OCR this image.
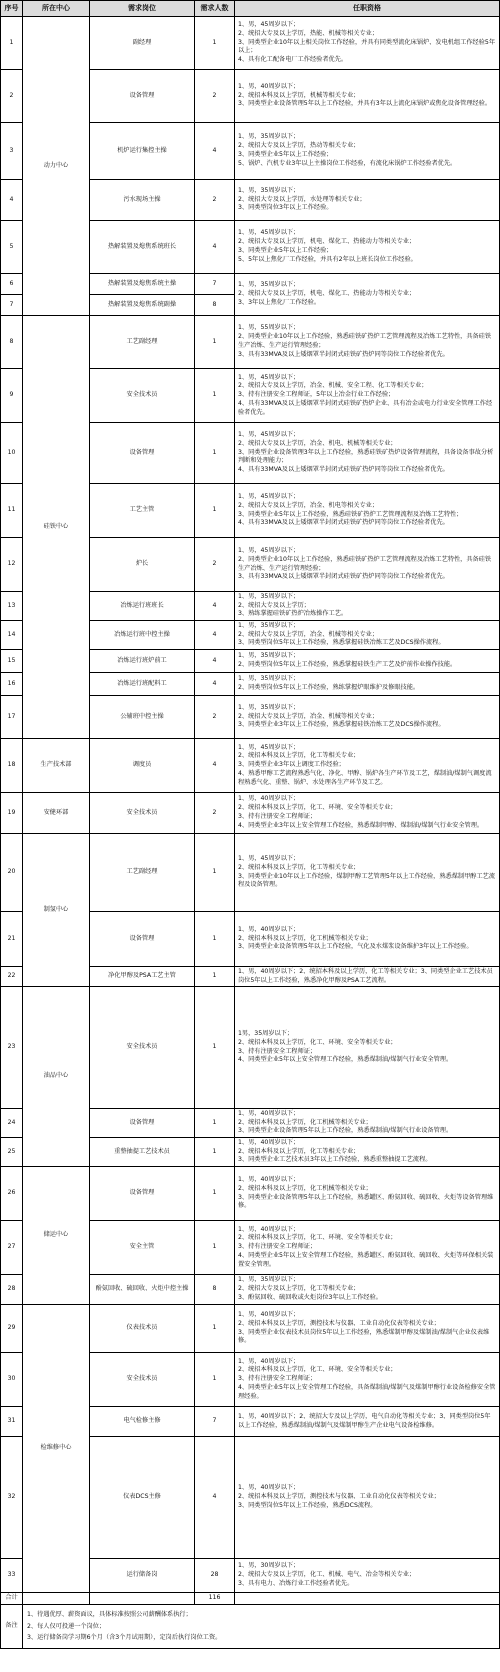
序号	所在中心	需求岗位	需求人数	任职资格
1	动力中心	副经理	1	1、男，45周岁以下；
2、统招大专及以上学历，热能、机械等相关专业；
3、同类型企业10年以上相关岗位工作经验，并具有同类型流化床锅炉、发电机组工作经验5年以上；
4、具有化工配备电厂工作经验者优先。
2		设备管理	2	1、男，40周岁以下；
2、统招本科及以上学历，机械等相关专业；
3、同类型企业设备管理5年以上工作经验，并具有3年以上流化床锅炉或焦化设备管理经验。
3		机炉运行集控主操	4	1、男，35周岁以下；
2、统招大专及以上学历，热动等相关专业；
3、同类型企业5年以上工作经验；
5、锅炉、汽机专业3年以上主操岗位工作经验，有流化床锅炉工作经验者优先。
4		污水现场主操	2	1、男，35周岁以下；
2、统招大专及以上学历，水处理等相关专业；
3、同类型岗位3年以上工作经验。
5		热解装置及熄焦系统班长	4	1、男，45周岁以下；
2、统招大专及以上学历，机电、煤化工、热能动力等相关专业；
3、同类型企业5年以上工作经验；
5、5年以上焦化厂工作经验，并具有2年以上班长岗位工作经验。
6		热解装置及熄焦系统主操	7	1、男，35周岁以下；
2、统招大专及以上学历，机电、煤化工、热能动力等相关专业；
3、3年以上焦化厂工作经验。
7		热解装置及熄焦系统副操	8	
8	硅铁中心	工艺副经理	1	1、男，55周岁以下；
2、同类型企业10年以上工作经验，熟悉硅铁矿热炉工艺管理流程及冶炼工艺特性，具备硅铁生产冶炼、生产运行管理经验；
3、具有33MVA及以上矮烟罩半封闭式硅铁矿热炉同等岗位工作经验者优先。
9		安全技术员	1	1、男，45周岁以下；
2、统招大专及以上学历，冶金、机械、安全工程、化工等相关专业；
3、持有注册安全工程师证，5年以上冶金行业工作经验；
4、具有33MVA及以上矮烟罩半封闭式硅铁矿热炉企业、具有冶金或电力行业安全管理工作经验者优先。
10		设备管理	1	1、男，45周岁以下；
2、统招大专及以上学历，冶金、机电、机械等相关专业；
3、同类型企业设备管理3年以上工作经验，熟悉硅铁矿热炉设备管理流程，具备设备事故分析判断和处理能力；
4、具有33MVA及以上矮烟罩半封闭式硅铁矿热炉同等岗位工作经验者优先。
11		工艺主管	1	1、男，45周岁以下；
2、统招大专及以上学历，冶金、机电等相关专业；
3、同类型企业5年以上工作经验，熟悉硅铁矿热炉工艺管理流程及冶炼工艺特性；
4、具有33MVA及以上矮烟罩半封闭式硅铁矿热炉同等岗位工作经验者优先。
12		炉长	2	1、男，45周岁以下；
2、同类型企业10年以上工作经验，熟悉硅铁矿热炉工艺管理流程及冶炼工艺特性，具备硅铁生产冶炼、生产运行管理经验；
3、具有33MVA及以上矮烟罩半封闭式硅铁矿热炉同等岗位工作经验者优先。
13		冶炼运行班班长	4	1、男，35周岁以下；
2、统招大专及以上学历；
3、熟练掌握硅铁矿热炉冶炼操作工艺。
14		冶炼运行班中控主操	4	1、男，35周岁以下；
2、统招大专及以上学历，冶金、机械等相关专业；
3、同类型岗位5年以上工作经验，熟悉掌握硅铁冶炼工艺及DCS操作流程。
15		冶炼运行班炉前工	4	1、男，35周岁以下；
2、同类型岗位5年以上工作经验，熟悉掌握硅铁生产工艺及炉前作业操作技能。
16		冶炼运行班配料工	4	1、男，35周岁以下；
2、同类型岗位5年以上工作经验，熟练掌握炉眼维护及修眼技能。
17		公辅班中控主操	2	1、男，35周岁以下；
2、统招大专及以上学历，冶金、机械等相关专业；
3、同类型企业3年以上工作经验，熟悉掌握硅铁冶炼工艺及DCS操作流程。
18	生产技术部	调度员	4	1、男，45周岁以下；
2、统招本科及以上学历，化工等相关专业；
3、同类型企业3年以上调度工作经验；
4、熟悉甲醇工艺流程熟悉气化、净化、甲醇、锅炉各生产环节及工艺，煤制油/煤制气调度流程熟悉气化、重整、锅炉、水处理各生产环节及工艺。
19	安健环部	安全技术员	2	1、男，40周岁以下；
2、统招本科及以上学历，化工、环境、安全等相关专业；
3、持有注册安全工程师证；
4、同类型企业3年以上安全管理工作经验，熟悉煤制甲醇、煤制油/煤制气行业安全管理。
20	制氢中心	工艺副经理	1	1、男，45周岁以下；
2、统招本科及以上学历，化工等相关专业；
3、同类型企业10年以上工作经验，煤制甲醇工艺管理5年以上工作经验，熟悉煤制甲醇工艺流程及设备管理。
21		设备管理	1	1、男，40周岁以下；
2、统招本科及以上学历，化工机械等相关专业；
3、同类型企业设备管理5年以上工作经验，气化及水煤浆设备维护3年以上工作经验。
22		净化甲醇及PSA工艺主管	1	1、男，40周岁以下；2、统招本科及以上学历，化工等相关专业；3、同类型企业工艺技术员岗位5年以上工作经验，熟悉净化甲醇及PSA工艺流程。
23	油品中心	安全技术员	1	1男，35周岁以下；
2、统招本科及以上学历，化工、环境、安全等相关专业；
3、持有注册安全工程师证；
4、同类型企业5年以上安全管理工作经验，熟悉煤制油/煤制气行业安全管理。
24		设备管理	1	1、男，40周岁以下；
2、统招本科及以上学历，化工机械等相关专业；
3、同类型企业设备管理5年以上工作经验，熟悉煤制油/煤制气行业设备管理。
25		重整抽提工艺技术员	1	1、男，40周岁以下；
2、统招本科及以上学历，化工等相关专业；
3、同类型企业工艺技术员3年以上工作经验，熟悉重整抽提工艺流程。
26	储运中心	设备管理	1	1、男，40周岁以下；
2、统招本科及以上学历，化工机械等相关专业；
3、同类型企业设备管理5年以上工作经验，熟悉罐区、酚氨回收、硫回收、火炬等设备管理维修。
27		安全主管	1	1、男，40周岁以下；
2、统招本科及以上学历，化工、环境、安全等相关专业；
3、持有注册安全工程师证；
4、同类型企业5年以上安全管理工作经验，熟悉罐区、酚氨回收、硫回收、火炬等环保相关装置安全管理。
28		酚氨回收、硫回收、火炬中控主操	8	1、男，35周岁以下；
2、统招大专及以上学历，化工等相关专业；
3、酚氨回收、硫回收或火炬岗位3年以上工作经验。
29	检维修中心	仪表技术员	1	1、男，40周岁以下；
2、统招本科及以上学历，测控技术与仪器、工业自动化仪表等相关专业；
3、同类型企业仪表技术员岗位5年以上工作经验，熟悉煤制甲醇及煤制油/煤制气企业仪表维修。
30		安全技术员	1	1、男，40周岁以下；
2、统招本科及以上学历，化工、环境、安全等相关专业；
3、持有注册安全工程师证；
4、同类型企业5年以上安全管理工作经验，具备煤制油/煤制气及煤制甲醇行业设备检修安全管理经验。
31		电气检修主修	7	1、男，40周岁以下；2、统招大专及以上学历，电气自动化等相关专业；3、同类型岗位5年以上工作经验，熟悉煤制油/煤制气及煤制甲醇生产企业电气设备检维修。
32		仪表DCS主修	4	1、男，40周岁以下；
2、统招本科及以上学历，测控技术与仪器、工业自动化仪表等相关专业；
3、同类型岗位5年以上工作经验，熟悉DCS流程。
33		运行储备岗	28	1、男，30周岁以下；
2、统招大专及以上学历，化工、机械、电气、冶金等相关专业；
3、具有电力、冶炼行业工作经验者优先。
合计			116	
备注	1、待遇优厚、薪资面议，具体标准按照公司薪酬体系执行；
2、每人仅可投递一个岗位；
3、运行储备岗学习期6个月（含3个月试用期），定岗后执行岗位工资。			
